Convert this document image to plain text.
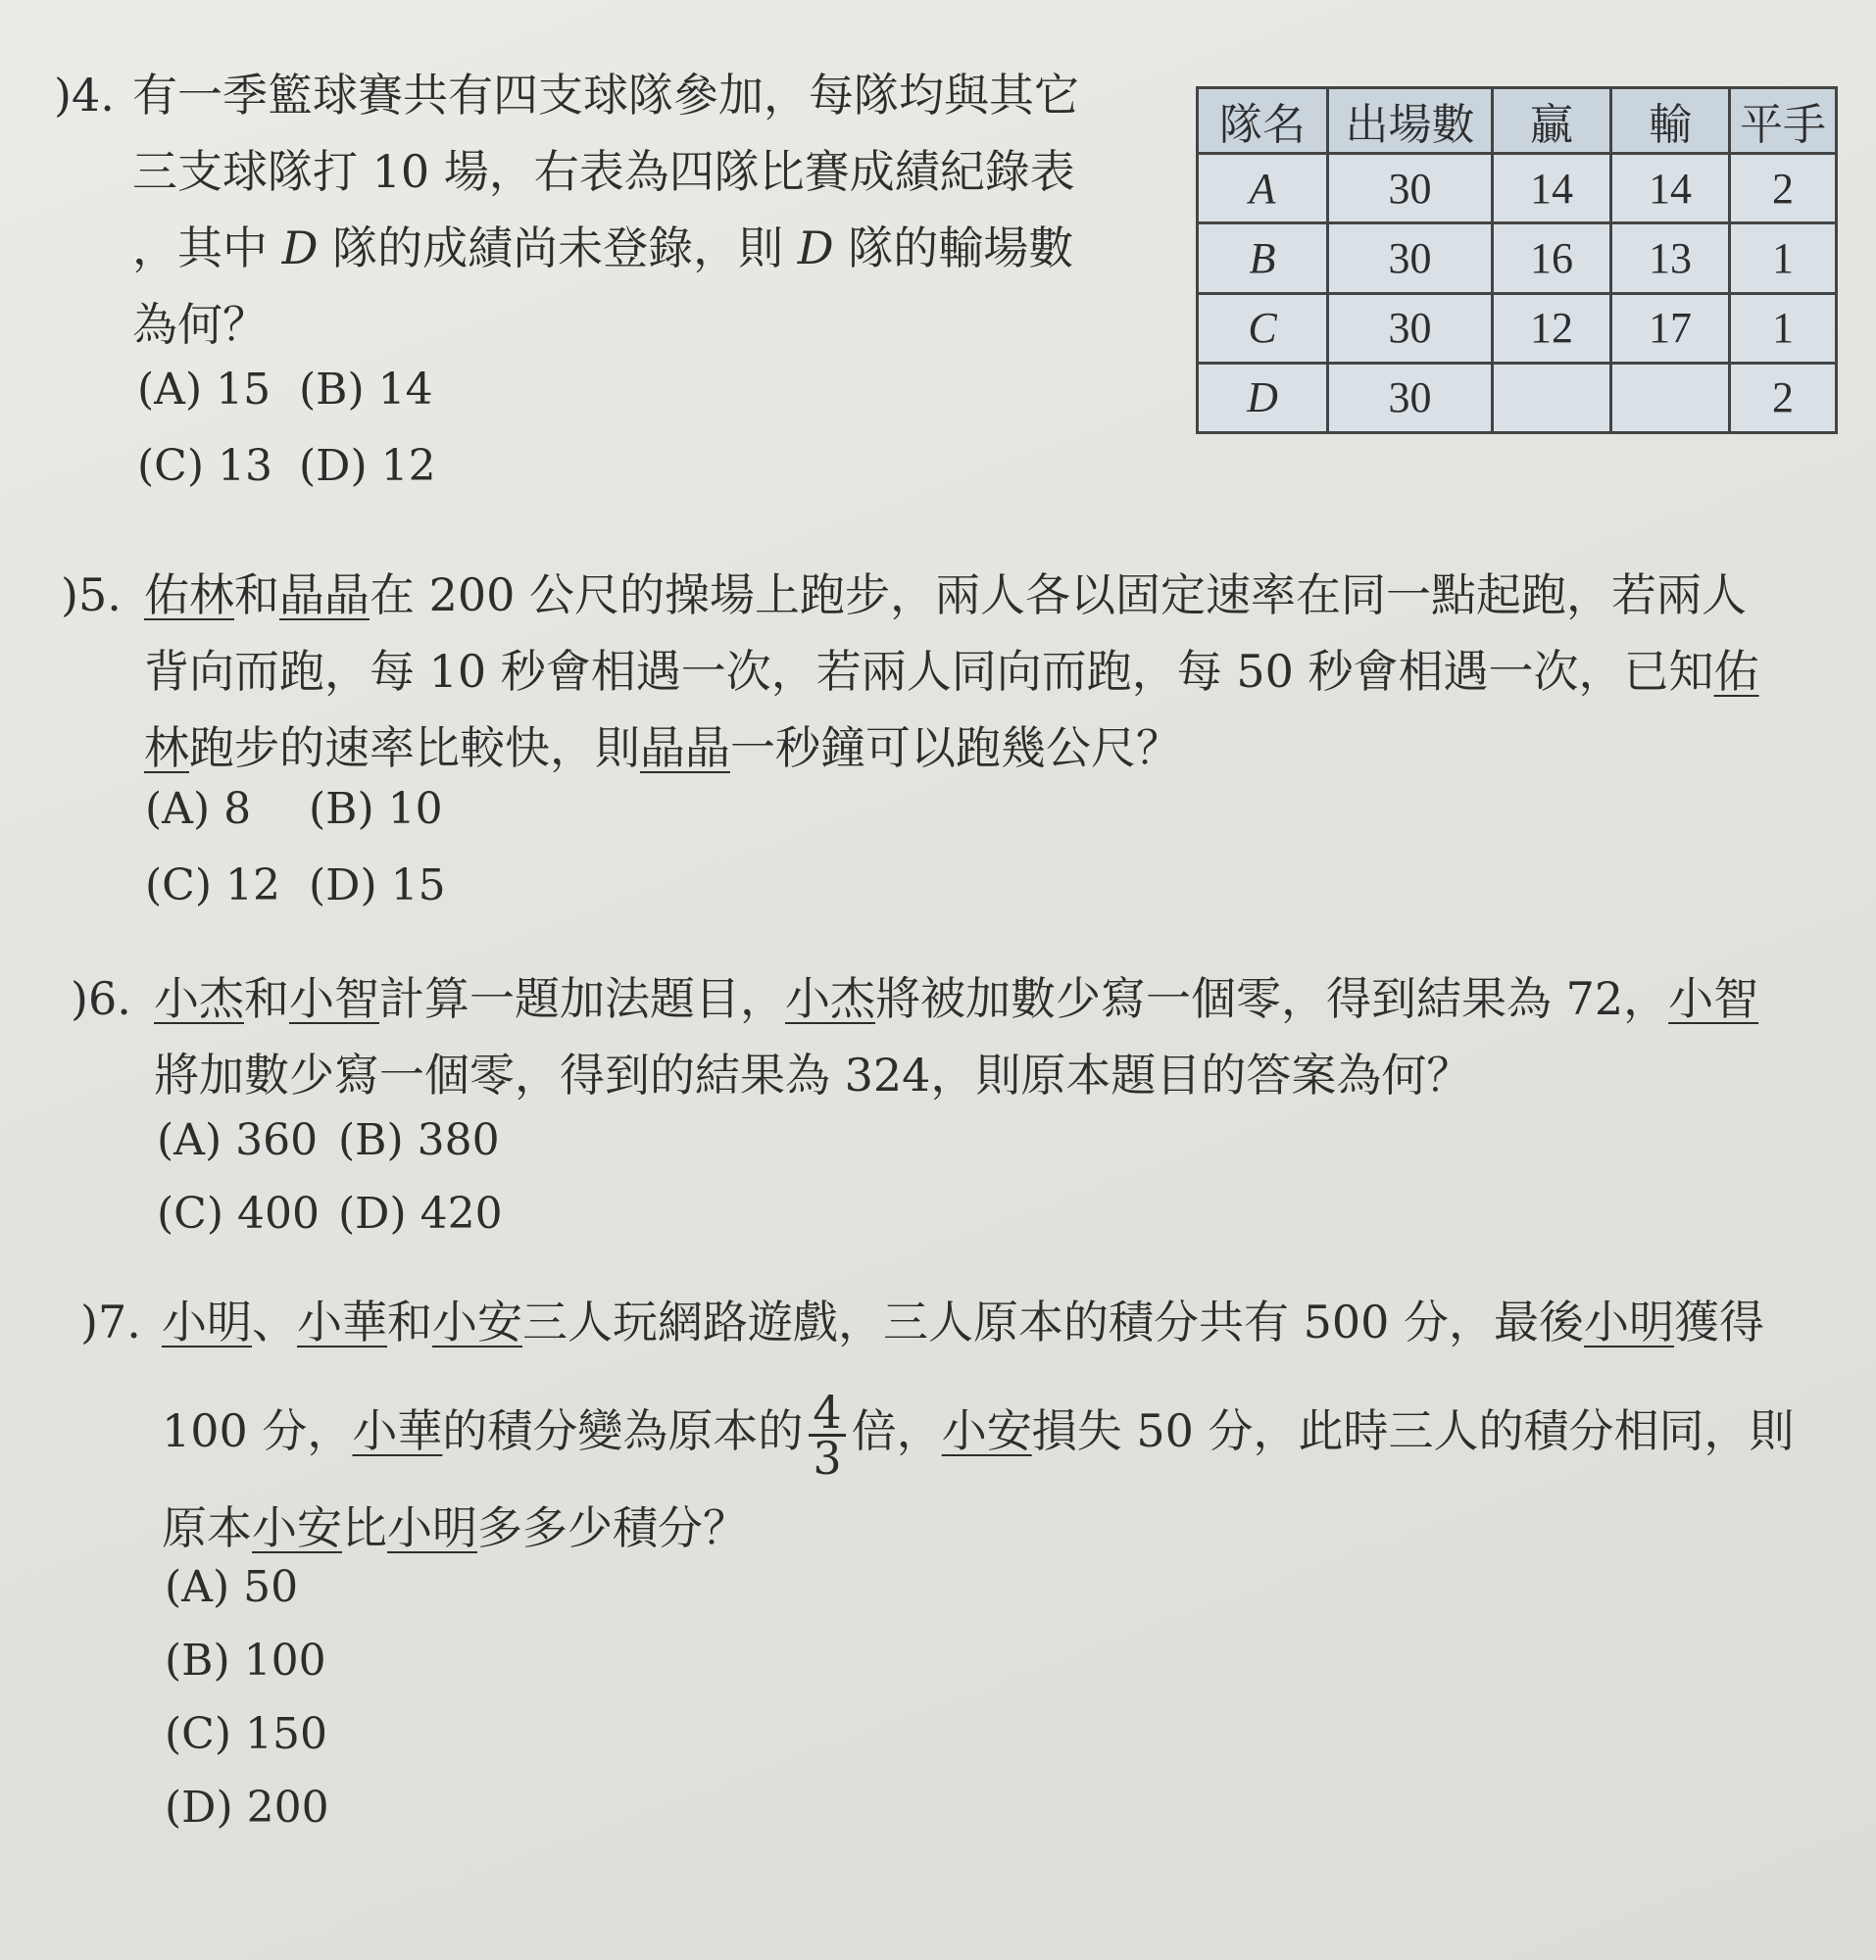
)4. 有一季籃球賽共有四支球隊參加，每隊均與其它
三支球隊打 10 場，右表為四隊比賽成績紀錄表
，其中 D 隊的成績尚未登錄，則 D 隊的輸場數
為何？
(A) 15 (B) 14
(C) 13 (D) 12
隊名	出場數	贏	輸	平手
A	30	14	14	2
B	30	16	13	1
C	30	12	17	1
D	30			2
)5. 佑林和晶晶在 200 公尺的操場上跑步，兩人各以固定速率在同一點起跑，若兩人
背向而跑，每 10 秒會相遇一次，若兩人同向而跑，每 50 秒會相遇一次，已知佑
林跑步的速率比較快，則晶晶一秒鐘可以跑幾公尺？
(A) 8 (B) 10
(C) 12 (D) 15
)6. 小杰和小智計算一題加法題目，小杰將被加數少寫一個零，得到結果為 72，小智
將加數少寫一個零，得到的結果為 324，則原本題目的答案為何？
(A) 360 (B) 380
(C) 400 (D) 420
)7. 小明、小華和小安三人玩網路遊戲，三人原本的積分共有 500 分，最後小明獲得
100 分，小華的積分變為原本的 $\frac{4}{3}$ 倍，小安損失 50 分，此時三人的積分相同，則
原本小安比小明多多少積分？
(A) 50
(B) 100
(C) 150
(D) 200
